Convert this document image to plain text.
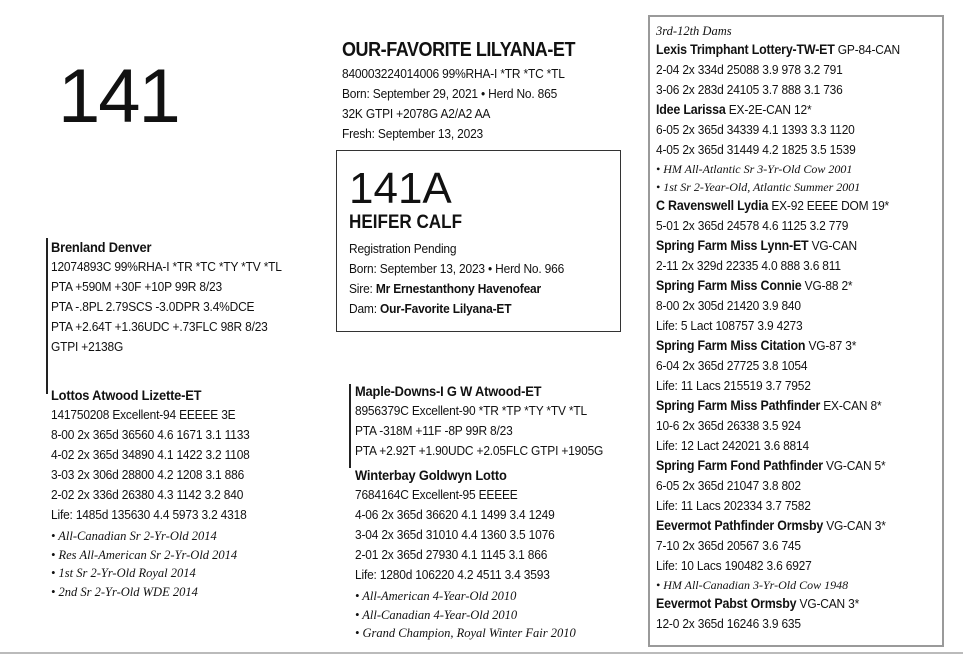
141
OUR-FAVORITE LILYANA-ET
840003224014006 99%RHA-I *TR *TC *TL
Born: September 29, 2021 • Herd No. 865
32K GTPI +2078G A2/A2 AA
Fresh: September 13, 2023
141A
HEIFER CALF
Registration Pending
Born: September 13, 2023 • Herd No. 966
Sire: Mr Ernestanthony Havenofear
Dam: Our-Favorite Lilyana-ET
Brenland Denver
12074893C 99%RHA-I *TR *TC *TY *TV *TL
PTA +590M +30F +10P 99R 8/23
PTA -.8PL 2.79SCS -3.0DPR 3.4%DCE
PTA +2.64T +1.36UDC +.73FLC 98R 8/23
GTPI +2138G
Lottos Atwood Lizette-ET
141750208 Excellent-94 EEEEE 3E
8-00 2x 365d 36560 4.6 1671 3.1 1133
4-02 2x 365d 34890 4.1 1422 3.2 1108
3-03 2x 306d 28800 4.2 1208 3.1 886
2-02 2x 336d 26380 4.3 1142 3.2 840
Life: 1485d 135630 4.4 5973 3.2 4318
• All-Canadian Sr 2-Yr-Old 2014
• Res All-American Sr 2-Yr-Old 2014
• 1st Sr 2-Yr-Old Royal 2014
• 2nd Sr 2-Yr-Old WDE 2014
Maple-Downs-I G W Atwood-ET
8956379C Excellent-90 *TR *TP *TY *TV *TL
PTA -318M +11F -8P 99R 8/23
PTA +2.92T +1.90UDC +2.05FLC GTPI +1905G
Winterbay Goldwyn Lotto
7684164C Excellent-95 EEEEE
4-06 2x 365d 36620 4.1 1499 3.4 1249
3-04 2x 365d 31010 4.4 1360 3.5 1076
2-01 2x 365d 27930 4.1 1145 3.1 866
Life: 1280d 106220 4.2 4511 3.4 3593
• All-American 4-Year-Old 2010
• All-Canadian 4-Year-Old 2010
• Grand Champion, Royal Winter Fair 2010
3rd-12th Dams
Lexis Trimphant Lottery-TW-ET GP-84-CAN
2-04 2x 334d 25088 3.9 978 3.2 791
3-06 2x 283d 24105 3.7 888 3.1 736
Idee Larissa EX-2E-CAN 12*
6-05 2x 365d 34339 4.1 1393 3.3 1120
4-05 2x 365d 31449 4.2 1825 3.5 1539
• HM All-Atlantic Sr 3-Yr-Old Cow 2001
• 1st Sr 2-Year-Old, Atlantic Summer 2001
C Ravenswell Lydia EX-92 EEEE DOM 19*
5-01 2x 365d 24578 4.6 1125 3.2 779
Spring Farm Miss Lynn-ET VG-CAN
2-11 2x 329d 22335 4.0 888 3.6 811
Spring Farm Miss Connie VG-88 2*
8-00 2x 305d 21420 3.9 840
Life: 5 Lact 108757 3.9 4273
Spring Farm Miss Citation VG-87 3*
6-04 2x 365d 27725 3.8 1054
Life: 11 Lacs 215519 3.7 7952
Spring Farm Miss Pathfinder EX-CAN 8*
10-6 2x 365d 26338 3.5 924
Life: 12 Lact 242021 3.6 8814
Spring Farm Fond Pathfinder VG-CAN 5*
6-05 2x 365d 21047 3.8 802
Life: 11 Lacs 202334 3.7 7582
Eevermot Pathfinder Ormsby VG-CAN 3*
7-10 2x 365d 20567 3.6 745
Life: 10 Lacs 190482 3.6 6927
• HM All-Canadian 3-Yr-Old Cow 1948
Eevermot Pabst Ormsby VG-CAN 3*
12-0 2x 365d 16246 3.9 635
